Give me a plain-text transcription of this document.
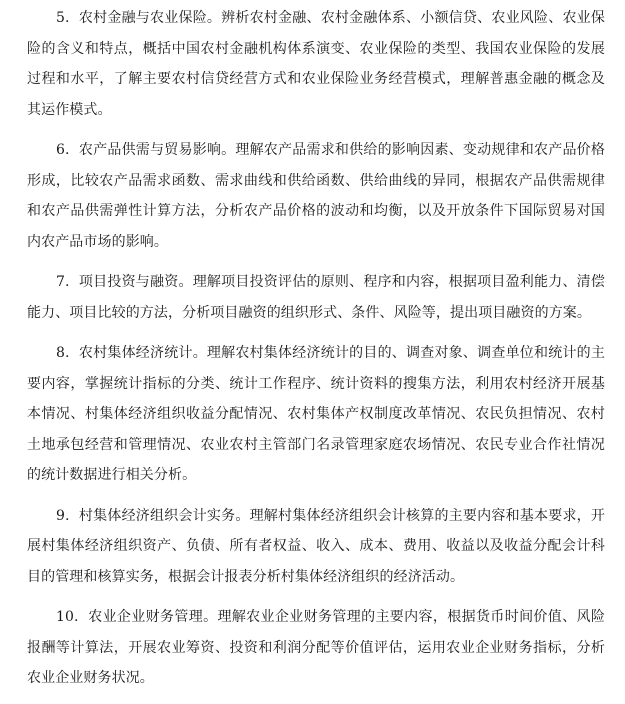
5. 农村金融与农业保险。辨析农村金融、农村金融体系、小额信贷、农业风险、农业保险的含义和特点，概括中国农村金融机构体系演变、农业保险的类型、我国农业保险的发展过程和水平，了解主要农村信贷经营方式和农业保险业务经营模式，理解普惠金融的概念及其运作模式。

6. 农产品供需与贸易影响。理解农产品需求和供给的影响因素、变动规律和农产品价格形成，比较农产品需求函数、需求曲线和供给函数、供给曲线的异同，根据农产品供需规律和农产品供需弹性计算方法，分析农产品价格的波动和均衡，以及开放条件下国际贸易对国内农产品市场的影响。

7. 项目投资与融资。理解项目投资评估的原则、程序和内容，根据项目盈利能力、清偿能力、项目比较的方法，分析项目融资的组织形式、条件、风险等，提出项目融资的方案。

8. 农村集体经济统计。理解农村集体经济统计的目的、调查对象、调查单位和统计的主要内容，掌握统计指标的分类、统计工作程序、统计资料的搜集方法，利用农村经济开展基本情况、村集体经济组织收益分配情况、农村集体产权制度改革情况、农民负担情况、农村土地承包经营和管理情况、农业农村主管部门名录管理家庭农场情况、农民专业合作社情况的统计数据进行相关分析。

9. 村集体经济组织会计实务。理解村集体经济组织会计核算的主要内容和基本要求，开展村集体经济组织资产、负债、所有者权益、收入、成本、费用、收益以及收益分配会计科目的管理和核算实务，根据会计报表分析村集体经济组织的经济活动。

10. 农业企业财务管理。理解农业企业财务管理的主要内容，根据货币时间价值、风险报酬等计算法，开展农业筹资、投资和利润分配等价值评估，运用农业企业财务指标，分析农业企业财务状况。
